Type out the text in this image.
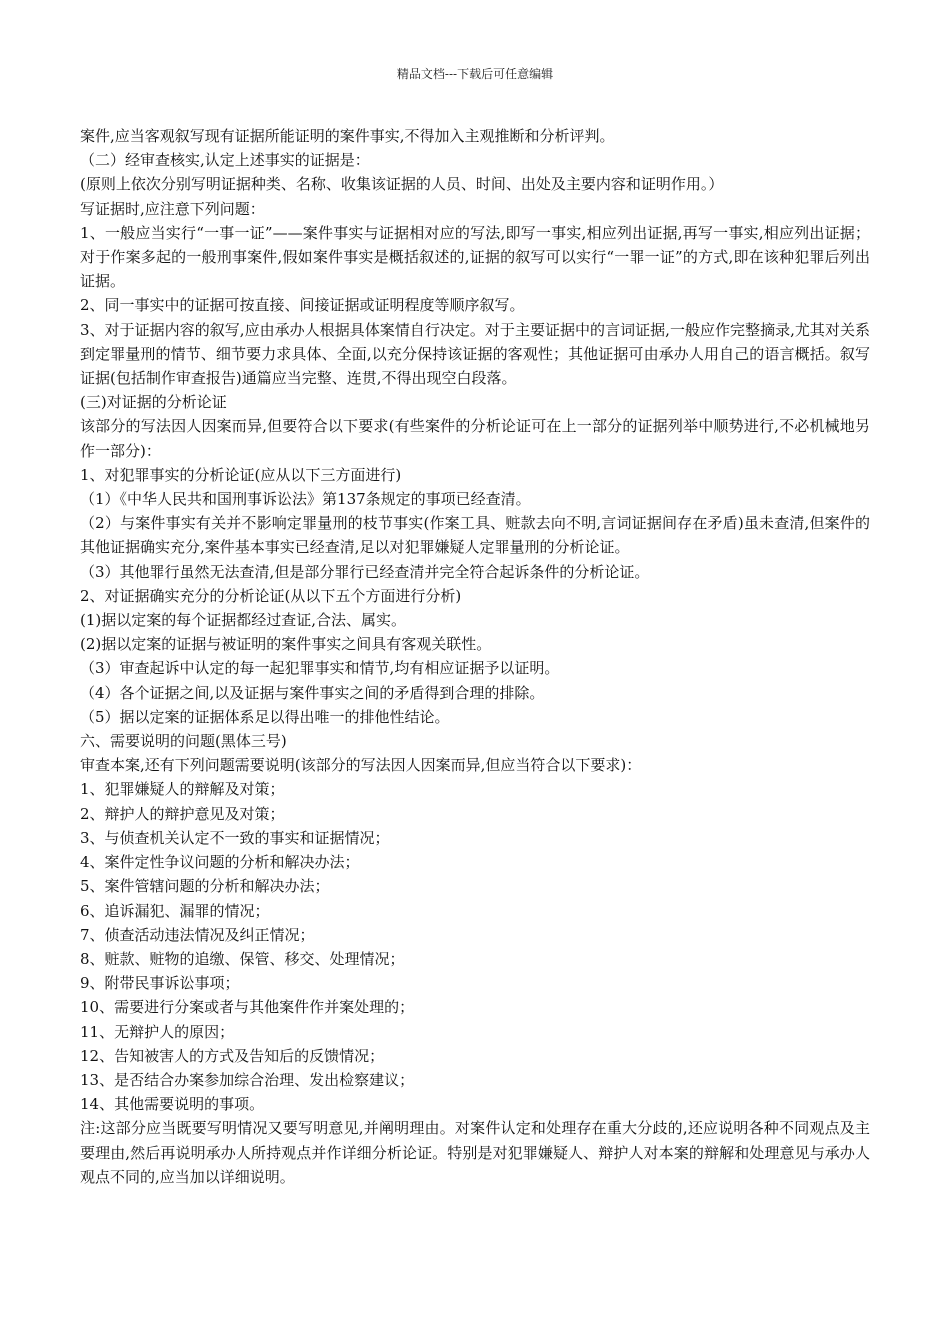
精品文档---下载后可任意编辑

案件,应当客观叙写现有证据所能证明的案件事实,不得加入主观推断和分析评判。

（二）经审查核实,认定上述事实的证据是：

(原则上依次分别写明证据种类、名称、收集该证据的人员、时间、出处及主要内容和证明作用。）

写证据时,应注意下列问题：

1、一般应当实行“一事一证”——案件事实与证据相对应的写法,即写一事实,相应列出证据,再写一事实,相应列出证据；对于作案多起的一般刑事案件,假如案件事实是概括叙述的,证据的叙写可以实行“一罪一证”的方式,即在该种犯罪后列出证据。

2、同一事实中的证据可按直接、间接证据或证明程度等顺序叙写。

3、对于证据内容的叙写,应由承办人根据具体案情自行决定。对于主要证据中的言词证据,一般应作完整摘录,尤其对关系到定罪量刑的情节、细节要力求具体、全面,以充分保持该证据的客观性；其他证据可由承办人用自己的语言概括。叙写证据(包括制作审查报告)通篇应当完整、连贯,不得出现空白段落。

(三)对证据的分析论证

该部分的写法因人因案而异,但要符合以下要求(有些案件的分析论证可在上一部分的证据列举中顺势进行,不必机械地另作一部分)：

1、对犯罪事实的分析论证(应从以下三方面进行)

（1）《中华人民共和国刑事诉讼法》第137条规定的事项已经查清。

（2）与案件事实有关并不影响定罪量刑的枝节事实(作案工具、赃款去向不明,言词证据间存在矛盾)虽未查清,但案件的其他证据确实充分,案件基本事实已经查清,足以对犯罪嫌疑人定罪量刑的分析论证。

（3）其他罪行虽然无法查清,但是部分罪行已经查清并完全符合起诉条件的分析论证。

2、对证据确实充分的分析论证(从以下五个方面进行分析)

(1)据以定案的每个证据都经过查证,合法、属实。

(2)据以定案的证据与被证明的案件事实之间具有客观关联性。

（3）审查起诉中认定的每一起犯罪事实和情节,均有相应证据予以证明。

（4）各个证据之间,以及证据与案件事实之间的矛盾得到合理的排除。

（5）据以定案的证据体系足以得出唯一的排他性结论。

六、需要说明的问题(黑体三号)

审查本案,还有下列问题需要说明(该部分的写法因人因案而异,但应当符合以下要求)：

1、犯罪嫌疑人的辩解及对策；

2、辩护人的辩护意见及对策；

3、与侦查机关认定不一致的事实和证据情况；

4、案件定性争议问题的分析和解决办法；

5、案件管辖问题的分析和解决办法；

6、追诉漏犯、漏罪的情况；

7、侦查活动违法情况及纠正情况；

8、赃款、赃物的追缴、保管、移交、处理情况；

9、附带民事诉讼事项；

10、需要进行分案或者与其他案件作并案处理的；

11、无辩护人的原因；

12、告知被害人的方式及告知后的反馈情况；

13、是否结合办案参加综合治理、发出检察建议；

14、其他需要说明的事项。

注:这部分应当既要写明情况又要写明意见,并阐明理由。对案件认定和处理存在重大分歧的,还应说明各种不同观点及主要理由,然后再说明承办人所持观点并作详细分析论证。特别是对犯罪嫌疑人、辩护人对本案的辩解和处理意见与承办人观点不同的,应当加以详细说明。
